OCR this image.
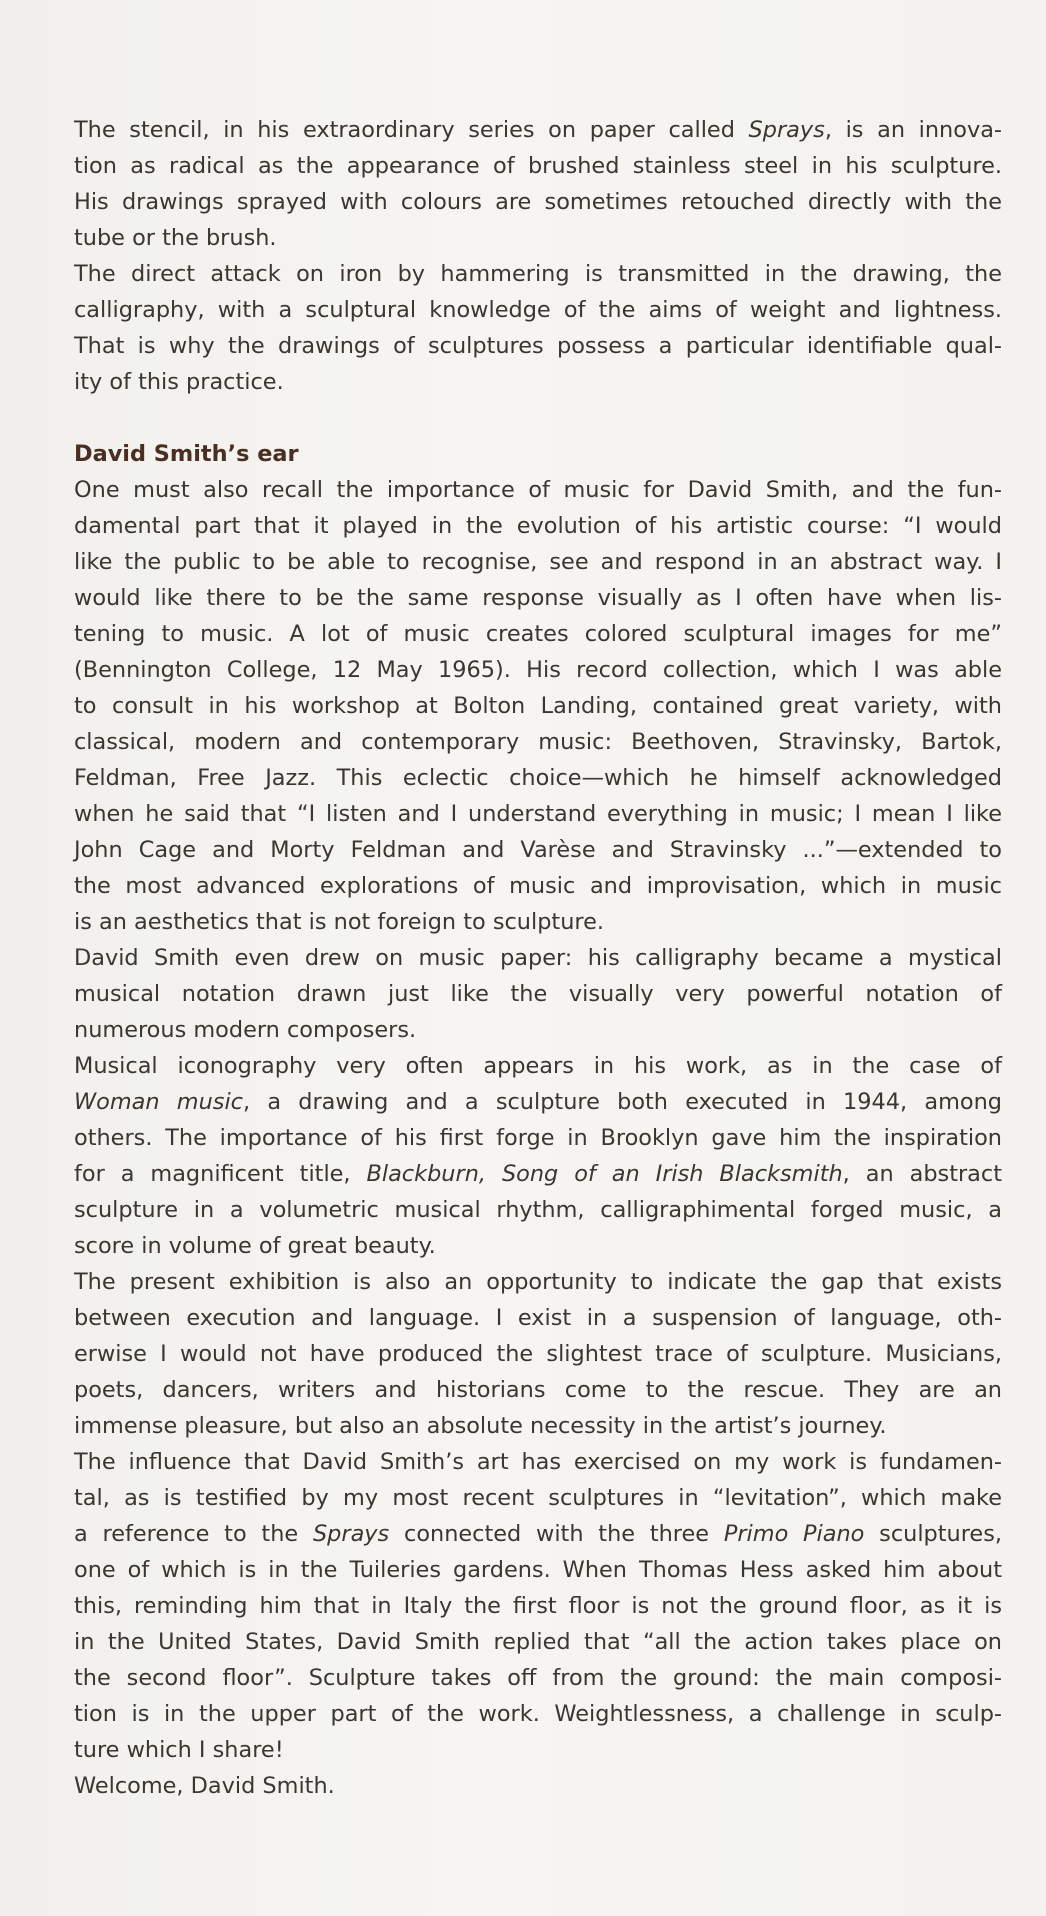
The stencil, in his extraordinary series on paper called Sprays, is an innova-
tion as radical as the appearance of brushed stainless steel in his sculpture.
His drawings sprayed with colours are sometimes retouched directly with the
tube or the brush.

The direct attack on iron by hammering is transmitted in the drawing, the
calligraphy, with a sculptural knowledge of the aims of weight and lightness.
That is why the drawings of sculptures possess a particular identifiable qual-
ity of this practice.

David Smith’s ear

One must also recall the importance of music for David Smith, and the fun-
damental part that it played in the evolution of his artistic course: “I would
like the public to be able to recognise, see and respond in an abstract way. I
would like there to be the same response visually as I often have when lis-
tening to music. A lot of music creates colored sculptural images for me”
(Bennington College, 12 May 1965). His record collection, which I was able
to consult in his workshop at Bolton Landing, contained great variety, with
classical, modern and contemporary music: Beethoven, Stravinsky, Bartok,
Feldman, Free Jazz. This eclectic choice—which he himself acknowledged
when he said that “I listen and I understand everything in music; I mean I like
John Cage and Morty Feldman and Varèse and Stravinsky ...”—extended to
the most advanced explorations of music and improvisation, which in music
is an aesthetics that is not foreign to sculpture.

David Smith even drew on music paper: his calligraphy became a mystical
musical notation drawn just like the visually very powerful notation of
numerous modern composers.

Musical iconography very often appears in his work, as in the case of
Woman music, a drawing and a sculpture both executed in 1944, among
others. The importance of his first forge in Brooklyn gave him the inspiration
for a magnificent title, Blackburn, Song of an Irish Blacksmith, an abstract
sculpture in a volumetric musical rhythm, calligraphimental forged music, a
score in volume of great beauty.

The present exhibition is also an opportunity to indicate the gap that exists
between execution and language. I exist in a suspension of language, oth-
erwise I would not have produced the slightest trace of sculpture. Musicians,
poets, dancers, writers and historians come to the rescue. They are an
immense pleasure, but also an absolute necessity in the artist’s journey.

The influence that David Smith’s art has exercised on my work is fundamen-
tal, as is testified by my most recent sculptures in “levitation”, which make
a reference to the Sprays connected with the three Primo Piano sculptures,
one of which is in the Tuileries gardens. When Thomas Hess asked him about
this, reminding him that in Italy the first floor is not the ground floor, as it is
in the United States, David Smith replied that “all the action takes place on
the second floor”. Sculpture takes off from the ground: the main composi-
tion is in the upper part of the work. Weightlessness, a challenge in sculp-
ture which I share!

Welcome, David Smith.
